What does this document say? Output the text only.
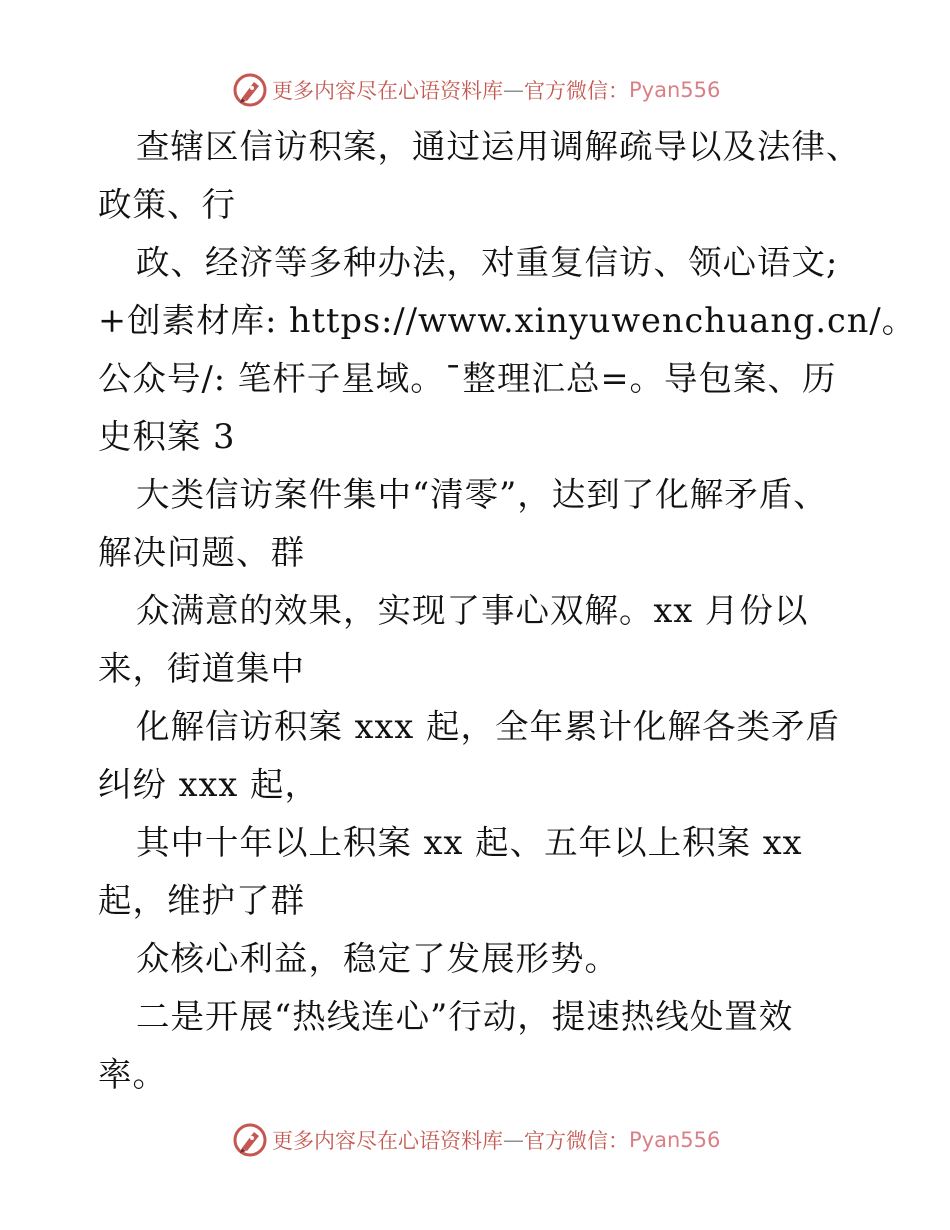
更多内容尽在心语资料库 — 官方微信： Pyan556
查辖区信访积案，通过运用调解疏导以及法律、
政策、行
政、经济等多种办法，对重复信访、领心语文;
+创素材库: https://www.xinyuwenchuang.cn/。
公众号/: 笔杆子星域。¯整理汇总=。导包案、历
史积案 3
大类信访案件集中“清零”，达到了化解矛盾、
解决问题、群
众满意的效果，实现了事心双解。xx 月份以
来，街道集中
化解信访积案 xxx 起，全年累计化解各类矛盾
纠纷 xxx 起，
其中十年以上积案 xx 起、五年以上积案 xx
起，维护了群
众核心利益，稳定了发展形势。
二是开展“热线连心”行动，提速热线处置效
率。
更多内容尽在心语资料库 — 官方微信： Pyan556
